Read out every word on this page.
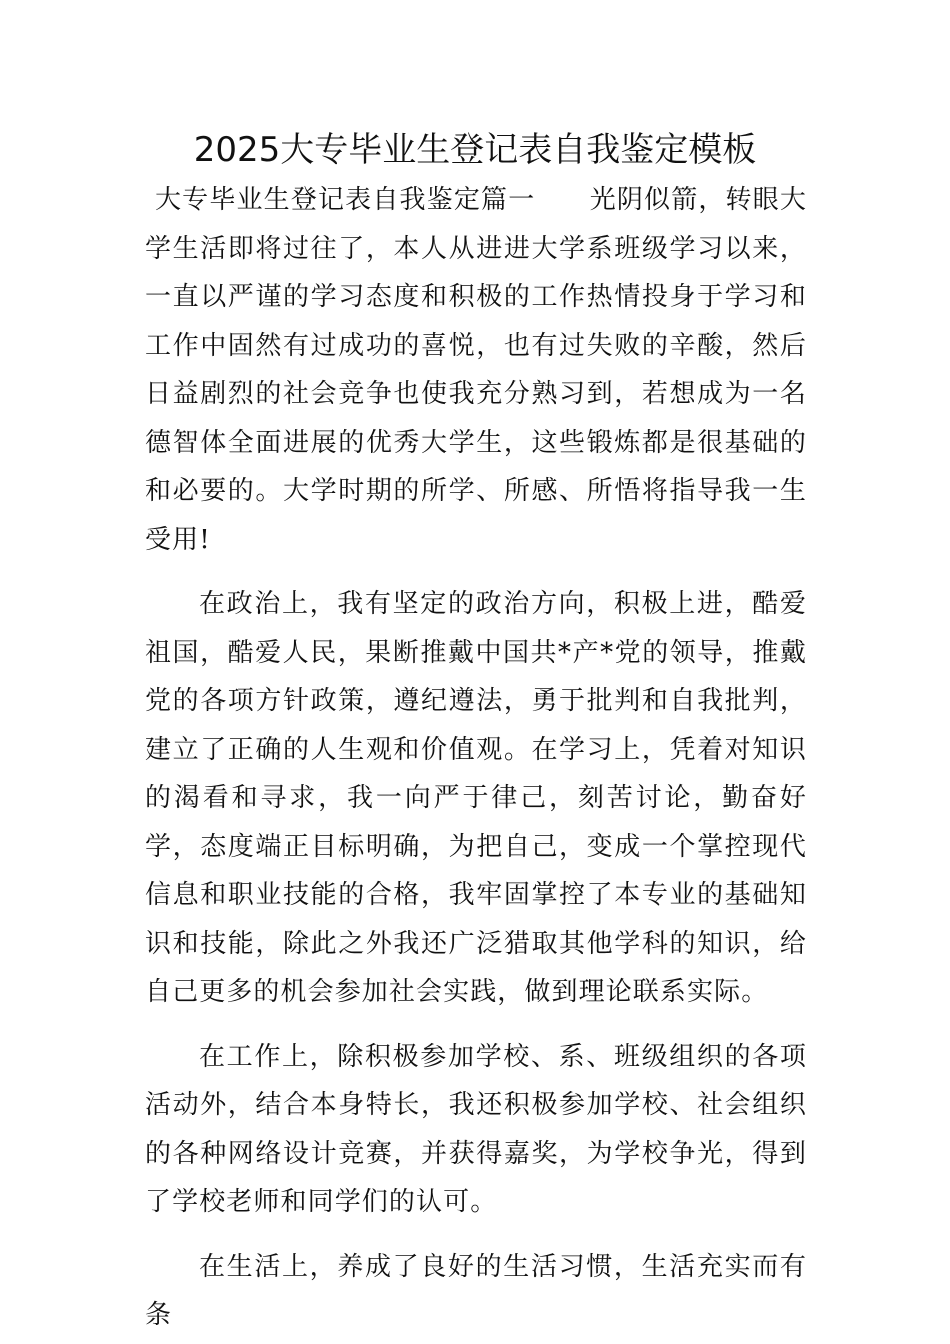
2025大专毕业生登记表自我鉴定模板

大专毕业生登记表自我鉴定篇一　　光阴似箭，转眼大学生活即将过往了，本人从进进大学系班级学习以来，一直以严谨的学习态度和积极的工作热情投身于学习和工作中固然有过成功的喜悦，也有过失败的辛酸，然后日益剧烈的社会竞争也使我充分熟习到，若想成为一名德智体全面进展的优秀大学生，这些锻炼都是很基础的和必要的。大学时期的所学、所感、所悟将指导我一生受用!

在政治上，我有坚定的政治方向，积极上进，酷爱祖国，酷爱人民，果断推戴中国共*产*党的领导，推戴党的各项方针政策，遵纪遵法，勇于批判和自我批判，建立了正确的人生观和价值观。在学习上，凭着对知识的渴看和寻求，我一向严于律己，刻苦讨论，勤奋好学，态度端正目标明确，为把自己，变成一个掌控现代信息和职业技能的合格，我牢固掌控了本专业的基础知识和技能，除此之外我还广泛猎取其他学科的知识，给自己更多的机会参加社会实践，做到理论联系实际。

在工作上，除积极参加学校、系、班级组织的各项活动外，结合本身特长，我还积极参加学校、社会组织的各种网络设计竞赛，并获得嘉奖，为学校争光，得到了学校老师和同学们的认可。

在生活上，养成了良好的生活习惯，生活充实而有条
